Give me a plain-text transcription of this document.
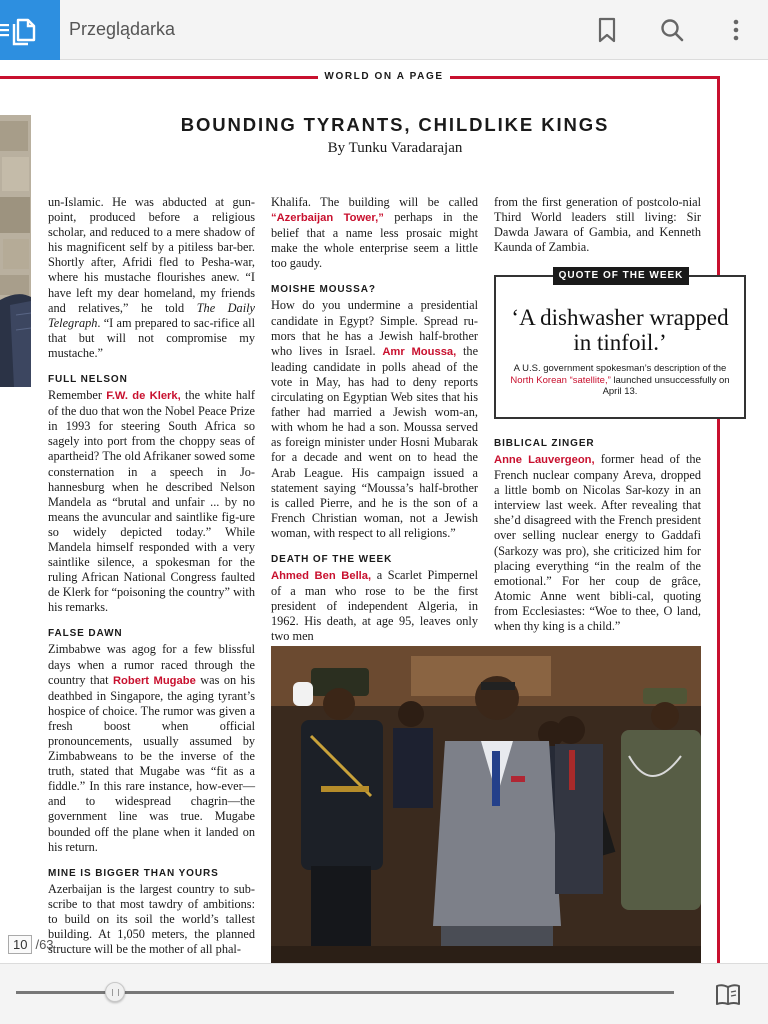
Przeglądarka
WORLD ON A PAGE
BOUNDING TYRANTS, CHILDLIKE KINGS
By Tunku Varadarajan

un-Islamic. He was abducted at gun-point, produced before a religious scholar, and reduced to a mere shadow of his magnificent self by a pitiless bar-ber. Shortly after, Afridi fled to Pesha-war, where his mustache flourishes anew. “I have left my dear homeland, my friends and relatives,” he told The Daily Telegraph. “I am prepared to sac-rifice all that but will not compromise my mustache.”

FULL NELSON

Remember F.W. de Klerk, the white half of the duo that won the Nobel Peace Prize in 1993 for steering South Africa so sagely into port from the choppy seas of apartheid? The old Afrikaner sowed some consternation in a speech in Jo-hannesburg when he described Nelson Mandela as “brutal and unfair ... by no means the avuncular and saintlike fig-ure so widely depicted today.” While Mandela himself responded with a very saintlike silence, a spokesman for the ruling African National Congress faulted de Klerk for “poisoning the country” with his remarks.

FALSE DAWN

Zimbabwe was agog for a few blissful days when a rumor raced through the country that Robert Mugabe was on his deathbed in Singapore, the aging tyrant’s hospice of choice. The rumor was given a fresh boost when official pronouncements, usually assumed by Zimbabweans to be the inverse of the truth, stated that Mugabe was “fit as a fiddle.” In this rare instance, how-ever—and to widespread chagrin—the government line was true. Mugabe bounded off the plane when it landed on his return.

MINE IS BIGGER THAN YOURS

Azerbaijan is the largest country to sub-scribe to that most tawdry of ambitions: to build on its soil the world’s tallest building. At 1,050 meters, the planned structure will be the mother of all phal-

Khalifa. The building will be called “Azerbaijan Tower,” perhaps in the belief that a name less prosaic might make the whole enterprise seem a little too gaudy.

MOISHE MOUSSA?

How do you undermine a presidential candidate in Egypt? Simple. Spread ru-mors that he has a Jewish half-brother who lives in Israel. Amr Moussa, the leading candidate in polls ahead of the vote in May, has had to deny reports circulating on Egyptian Web sites that his father had married a Jewish wom-an, with whom he had a son. Moussa served as foreign minister under Hosni Mubarak for a decade and went on to head the Arab League. His campaign issued a statement saying “Moussa’s half-brother is called Pierre, and he is the son of a French Christian woman, not a Jewish woman, with respect to all religions.”

DEATH OF THE WEEK

Ahmed Ben Bella, a Scarlet Pimpernel of a man who rose to be the first president of independent Algeria, in 1962. His death, at age 95, leaves only two men

from the first generation of postcolo-nial Third World leaders still living: Sir Dawda Jawara of Gambia, and Kenneth Kaunda of Zambia.

QUOTE OF THE WEEK
‘A dishwasher wrapped in tinfoil.’
A U.S. government spokesman’s description of the North Korean “satellite,” launched unsuccessfully on April 13.
BIBLICAL ZINGER

Anne Lauvergeon, former head of the French nuclear company Areva, dropped a little bomb on Nicolas Sar-kozy in an interview last week. After revealing that she’d disagreed with the French president over selling nuclear energy to Gaddafi (Sarkozy was pro), she criticized him for placing everything “in the realm of the emotional.” For her coup de grâce, Atomic Anne went bibli-cal, quoting from Ecclesiastes: “Woe to thee, O land, when thy king is a child.”

10 /63
